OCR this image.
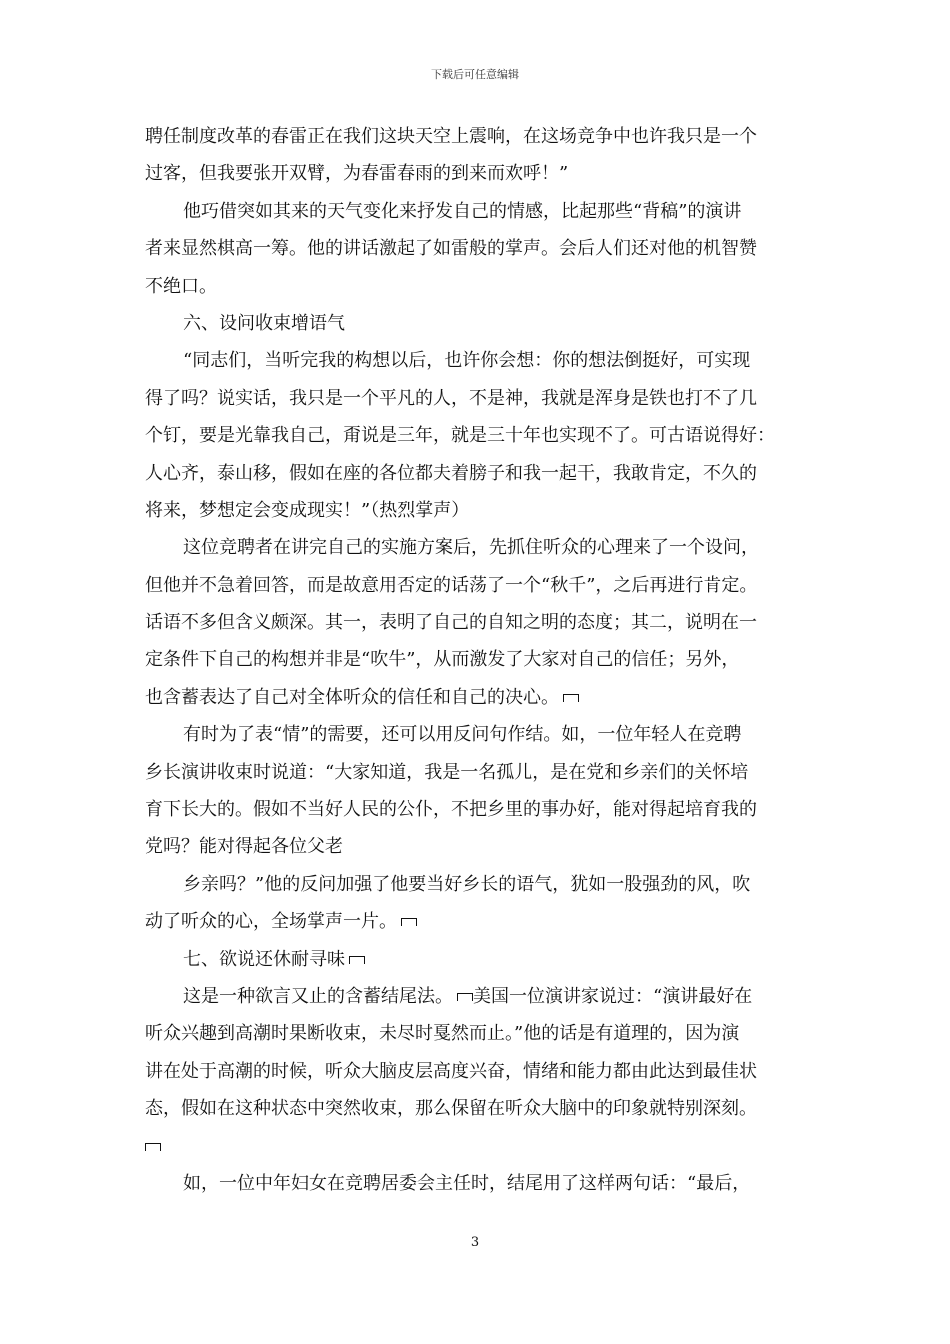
下载后可任意编辑
聘任制度改革的春雷正在我们这块天空上震响，在这场竞争中也许我只是一个
过客，但我要张开双臂，为春雷春雨的到来而欢呼！”
他巧借突如其来的天气变化来抒发自己的情感，比起那些“背稿”的演讲
者来显然棋高一筹。他的讲话激起了如雷般的掌声。会后人们还对他的机智赞
不绝口。
六、设问收束增语气
“同志们，当听完我的构想以后，也许你会想：你的想法倒挺好，可实现
得了吗？说实话，我只是一个平凡的人，不是神，我就是浑身是铁也打不了几
个钉，要是光靠我自己，甭说是三年，就是三十年也实现不了。可古语说得好：
人心齐，泰山移，假如在座的各位都夫着膀子和我一起干，我敢肯定，不久的
将来，梦想定会变成现实！”（热烈掌声）
这位竞聘者在讲完自己的实施方案后，先抓住听众的心理来了一个设问，
但他并不急着回答，而是故意用否定的话荡了一个“秋千”，之后再进行肯定。
话语不多但含义颇深。其一，表明了自己的自知之明的态度；其二，说明在一
定条件下自己的构想并非是“吹牛”，从而激发了大家对自己的信任；另外，
也含蓄表达了自己对全体听众的信任和自己的决心。
有时为了表“情”的需要，还可以用反问句作结。如，一位年轻人在竞聘
乡长演讲收束时说道：“大家知道，我是一名孤儿，是在党和乡亲们的关怀培
育下长大的。假如不当好人民的公仆，不把乡里的事办好，能对得起培育我的
党吗？能对得起各位父老
乡亲吗？”他的反问加强了他要当好乡长的语气，犹如一股强劲的风，吹
动了听众的心，全场掌声一片。
七、欲说还休耐寻味
这是一种欲言又止的含蓄结尾法。 美国一位演讲家说过：“演讲最好在
听众兴趣到高潮时果断收束，未尽时戛然而止。”他的话是有道理的，因为演
讲在处于高潮的时候，听众大脑皮层高度兴奋，情绪和能力都由此达到最佳状
态，假如在这种状态中突然收束，那么保留在听众大脑中的印象就特别深刻。
如，一位中年妇女在竞聘居委会主任时，结尾用了这样两句话：“最后，
3
